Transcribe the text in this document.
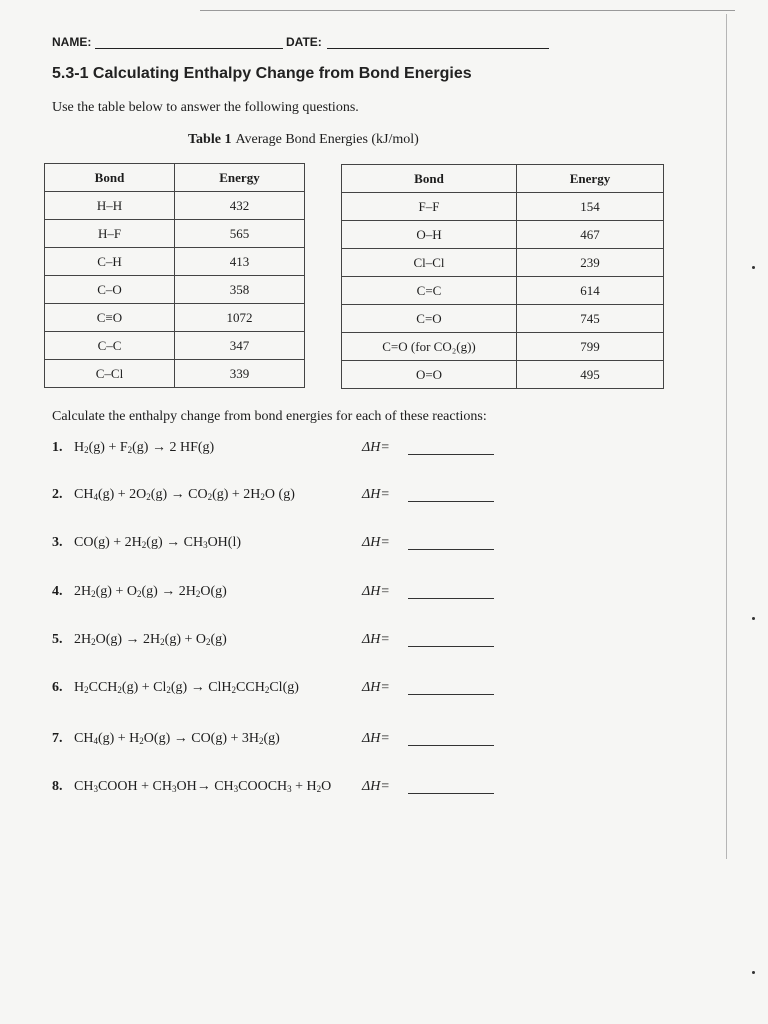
NAME:	DATE:
5.3-1 Calculating Enthalpy Change from Bond Energies
Use the table below to answer the following questions.
Table 1 Average Bond Energies (kJ/mol)
Bond	Energy
H–H	432
H–F	565
C–H	413
C–O	358
C≡O	1072
C–C	347
C–Cl	339
Bond	Energy
F–F	154
O–H	467
Cl–Cl	239
C=C	614
C=O	745
C=O (for CO₂(g))	799
O=O	495
Calculate the enthalpy change from bond energies for each of these reactions:
1. $H_2(g) + F_2(g) \to 2$ HF(g)	ΔH=
2. $CH_4(g) + 2O_2(g) \to CO_2(g) + 2H_2O$ (g)	ΔH=
3. $CO(g) + 2H_2(g) \to CH_3OH(l)$	ΔH=
4. $2H_2(g) + O_2(g) \to 2H_2O(g)$	ΔH=
5. $2H_2O(g) \to 2H_2(g) + O_2(g)$	ΔH=
6. $H_2CCH_2(g) + Cl_2(g) \to ClH_2CCH_2Cl(g)$	ΔH=
7. $CH_4(g) + H_2O(g) \to CO(g) + 3H_2(g)$	ΔH=
8. $CH_3COOH + CH_3OH\to$ $CH_3COOCH_3 + H_2O$ ΔH=
